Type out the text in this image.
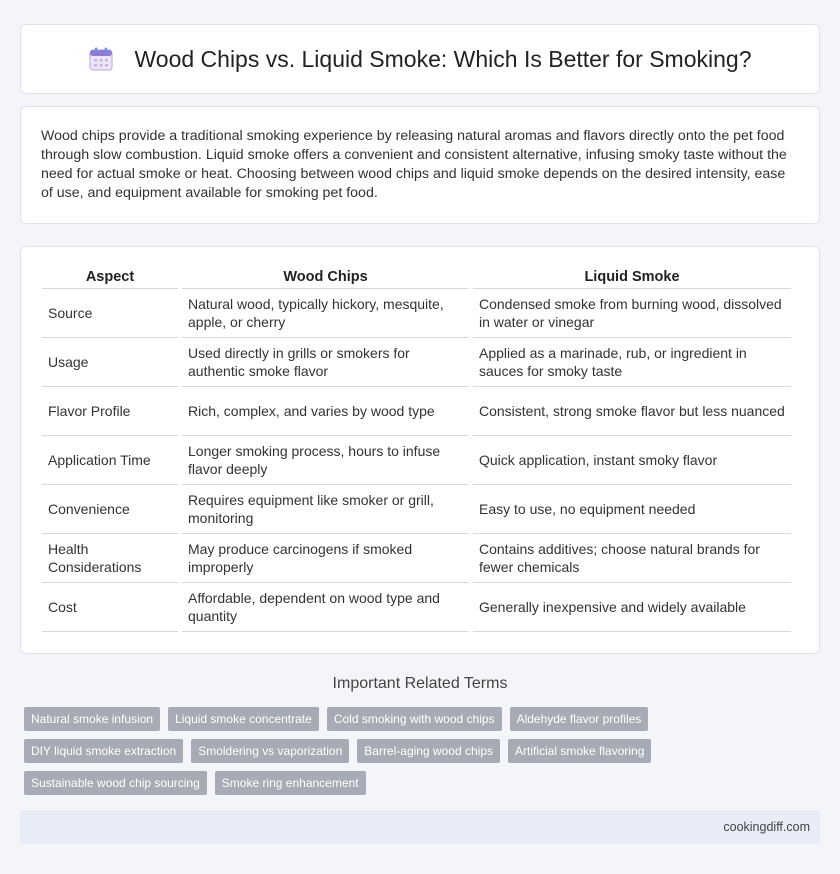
Wood Chips vs. Liquid Smoke: Which Is Better for Smoking?

Wood chips provide a traditional smoking experience by releasing natural aromas and flavors directly onto the pet food through slow combustion. Liquid smoke offers a convenient and consistent alternative, infusing smoky taste without the need for actual smoke or heat. Choosing between wood chips and liquid smoke depends on the desired intensity, ease of use, and equipment available for smoking pet food.

Aspect	Wood Chips	Liquid Smoke
Source	Natural wood, typically hickory, mesquite, apple, or cherry	Condensed smoke from burning wood, dissolved in water or vinegar
Usage	Used directly in grills or smokers for authentic smoke flavor	Applied as a marinade, rub, or ingredient in sauces for smoky taste
Flavor Profile	Rich, complex, and varies by wood type	Consistent, strong smoke flavor but less nuanced
Application Time	Longer smoking process, hours to infuse flavor deeply	Quick application, instant smoky flavor
Convenience	Requires equipment like smoker or grill, monitoring	Easy to use, no equipment needed
Health Considerations	May produce carcinogens if smoked improperly	Contains additives; choose natural brands for fewer chemicals
Cost	Affordable, dependent on wood type and quantity	Generally inexpensive and widely available
Important Related Terms
Natural smoke infusion	Liquid smoke concentrate	Cold smoking with wood chips	Aldehyde flavor profiles
DIY liquid smoke extraction	Smoldering vs vaporization	Barrel-aging wood chips	Artificial smoke flavoring
Sustainable wood chip sourcing	Smoke ring enhancement
cookingdiff.com
